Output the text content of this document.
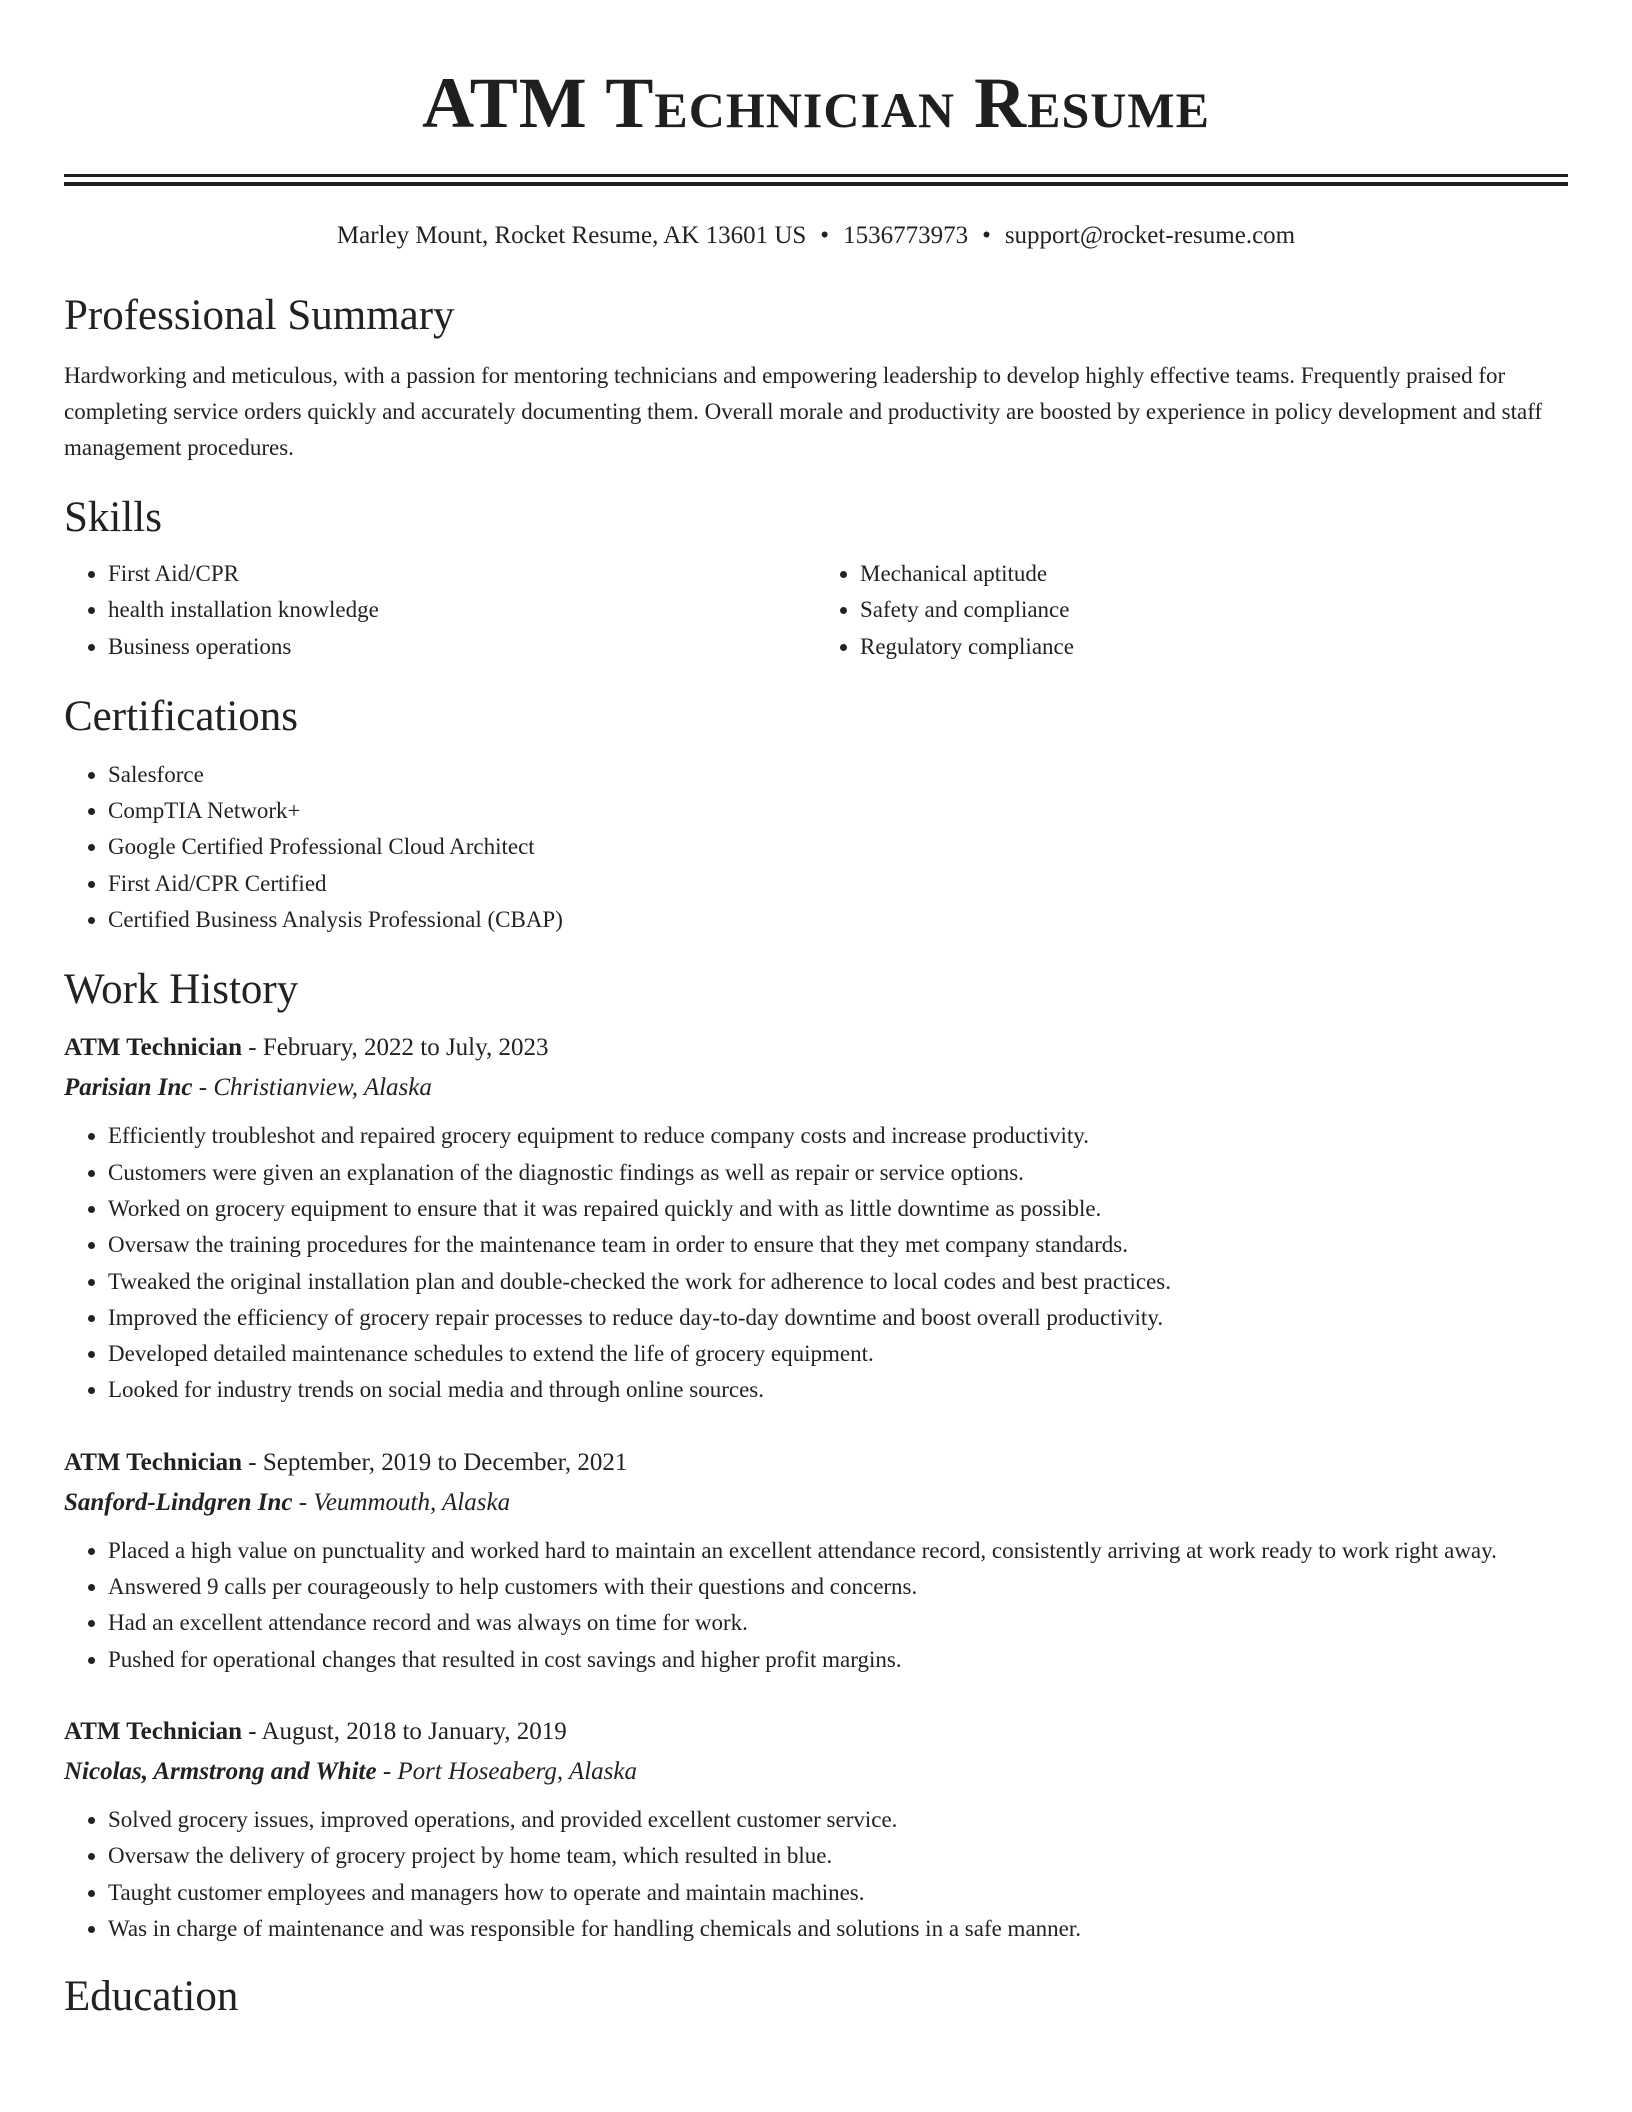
ATM Technician Resume
Marley Mount, Rocket Resume, AK 13601 US • 1536773973 • support@rocket-resume.com
Professional Summary
Hardworking and meticulous, with a passion for mentoring technicians and empowering leadership to develop highly effective teams. Frequently praised for completing service orders quickly and accurately documenting them. Overall morale and productivity are boosted by experience in policy development and staff management procedures.
Skills
• First Aid/CPR
• health installation knowledge
• Business operations
• Mechanical aptitude
• Safety and compliance
• Regulatory compliance
Certifications
• Salesforce
• CompTIA Network+
• Google Certified Professional Cloud Architect
• First Aid/CPR Certified
• Certified Business Analysis Professional (CBAP)
Work History
ATM Technician - February, 2022 to July, 2023
Parisian Inc - Christianview, Alaska
• Efficiently troubleshot and repaired grocery equipment to reduce company costs and increase productivity.
• Customers were given an explanation of the diagnostic findings as well as repair or service options.
• Worked on grocery equipment to ensure that it was repaired quickly and with as little downtime as possible.
• Oversaw the training procedures for the maintenance team in order to ensure that they met company standards.
• Tweaked the original installation plan and double-checked the work for adherence to local codes and best practices.
• Improved the efficiency of grocery repair processes to reduce day-to-day downtime and boost overall productivity.
• Developed detailed maintenance schedules to extend the life of grocery equipment.
• Looked for industry trends on social media and through online sources.
ATM Technician - September, 2019 to December, 2021
Sanford-Lindgren Inc - Veummouth, Alaska
• Placed a high value on punctuality and worked hard to maintain an excellent attendance record, consistently arriving at work ready to work right away.
• Answered 9 calls per courageously to help customers with their questions and concerns.
• Had an excellent attendance record and was always on time for work.
• Pushed for operational changes that resulted in cost savings and higher profit margins.
ATM Technician - August, 2018 to January, 2019
Nicolas, Armstrong and White - Port Hoseaberg, Alaska
• Solved grocery issues, improved operations, and provided excellent customer service.
• Oversaw the delivery of grocery project by home team, which resulted in blue.
• Taught customer employees and managers how to operate and maintain machines.
• Was in charge of maintenance and was responsible for handling chemicals and solutions in a safe manner.
Education
